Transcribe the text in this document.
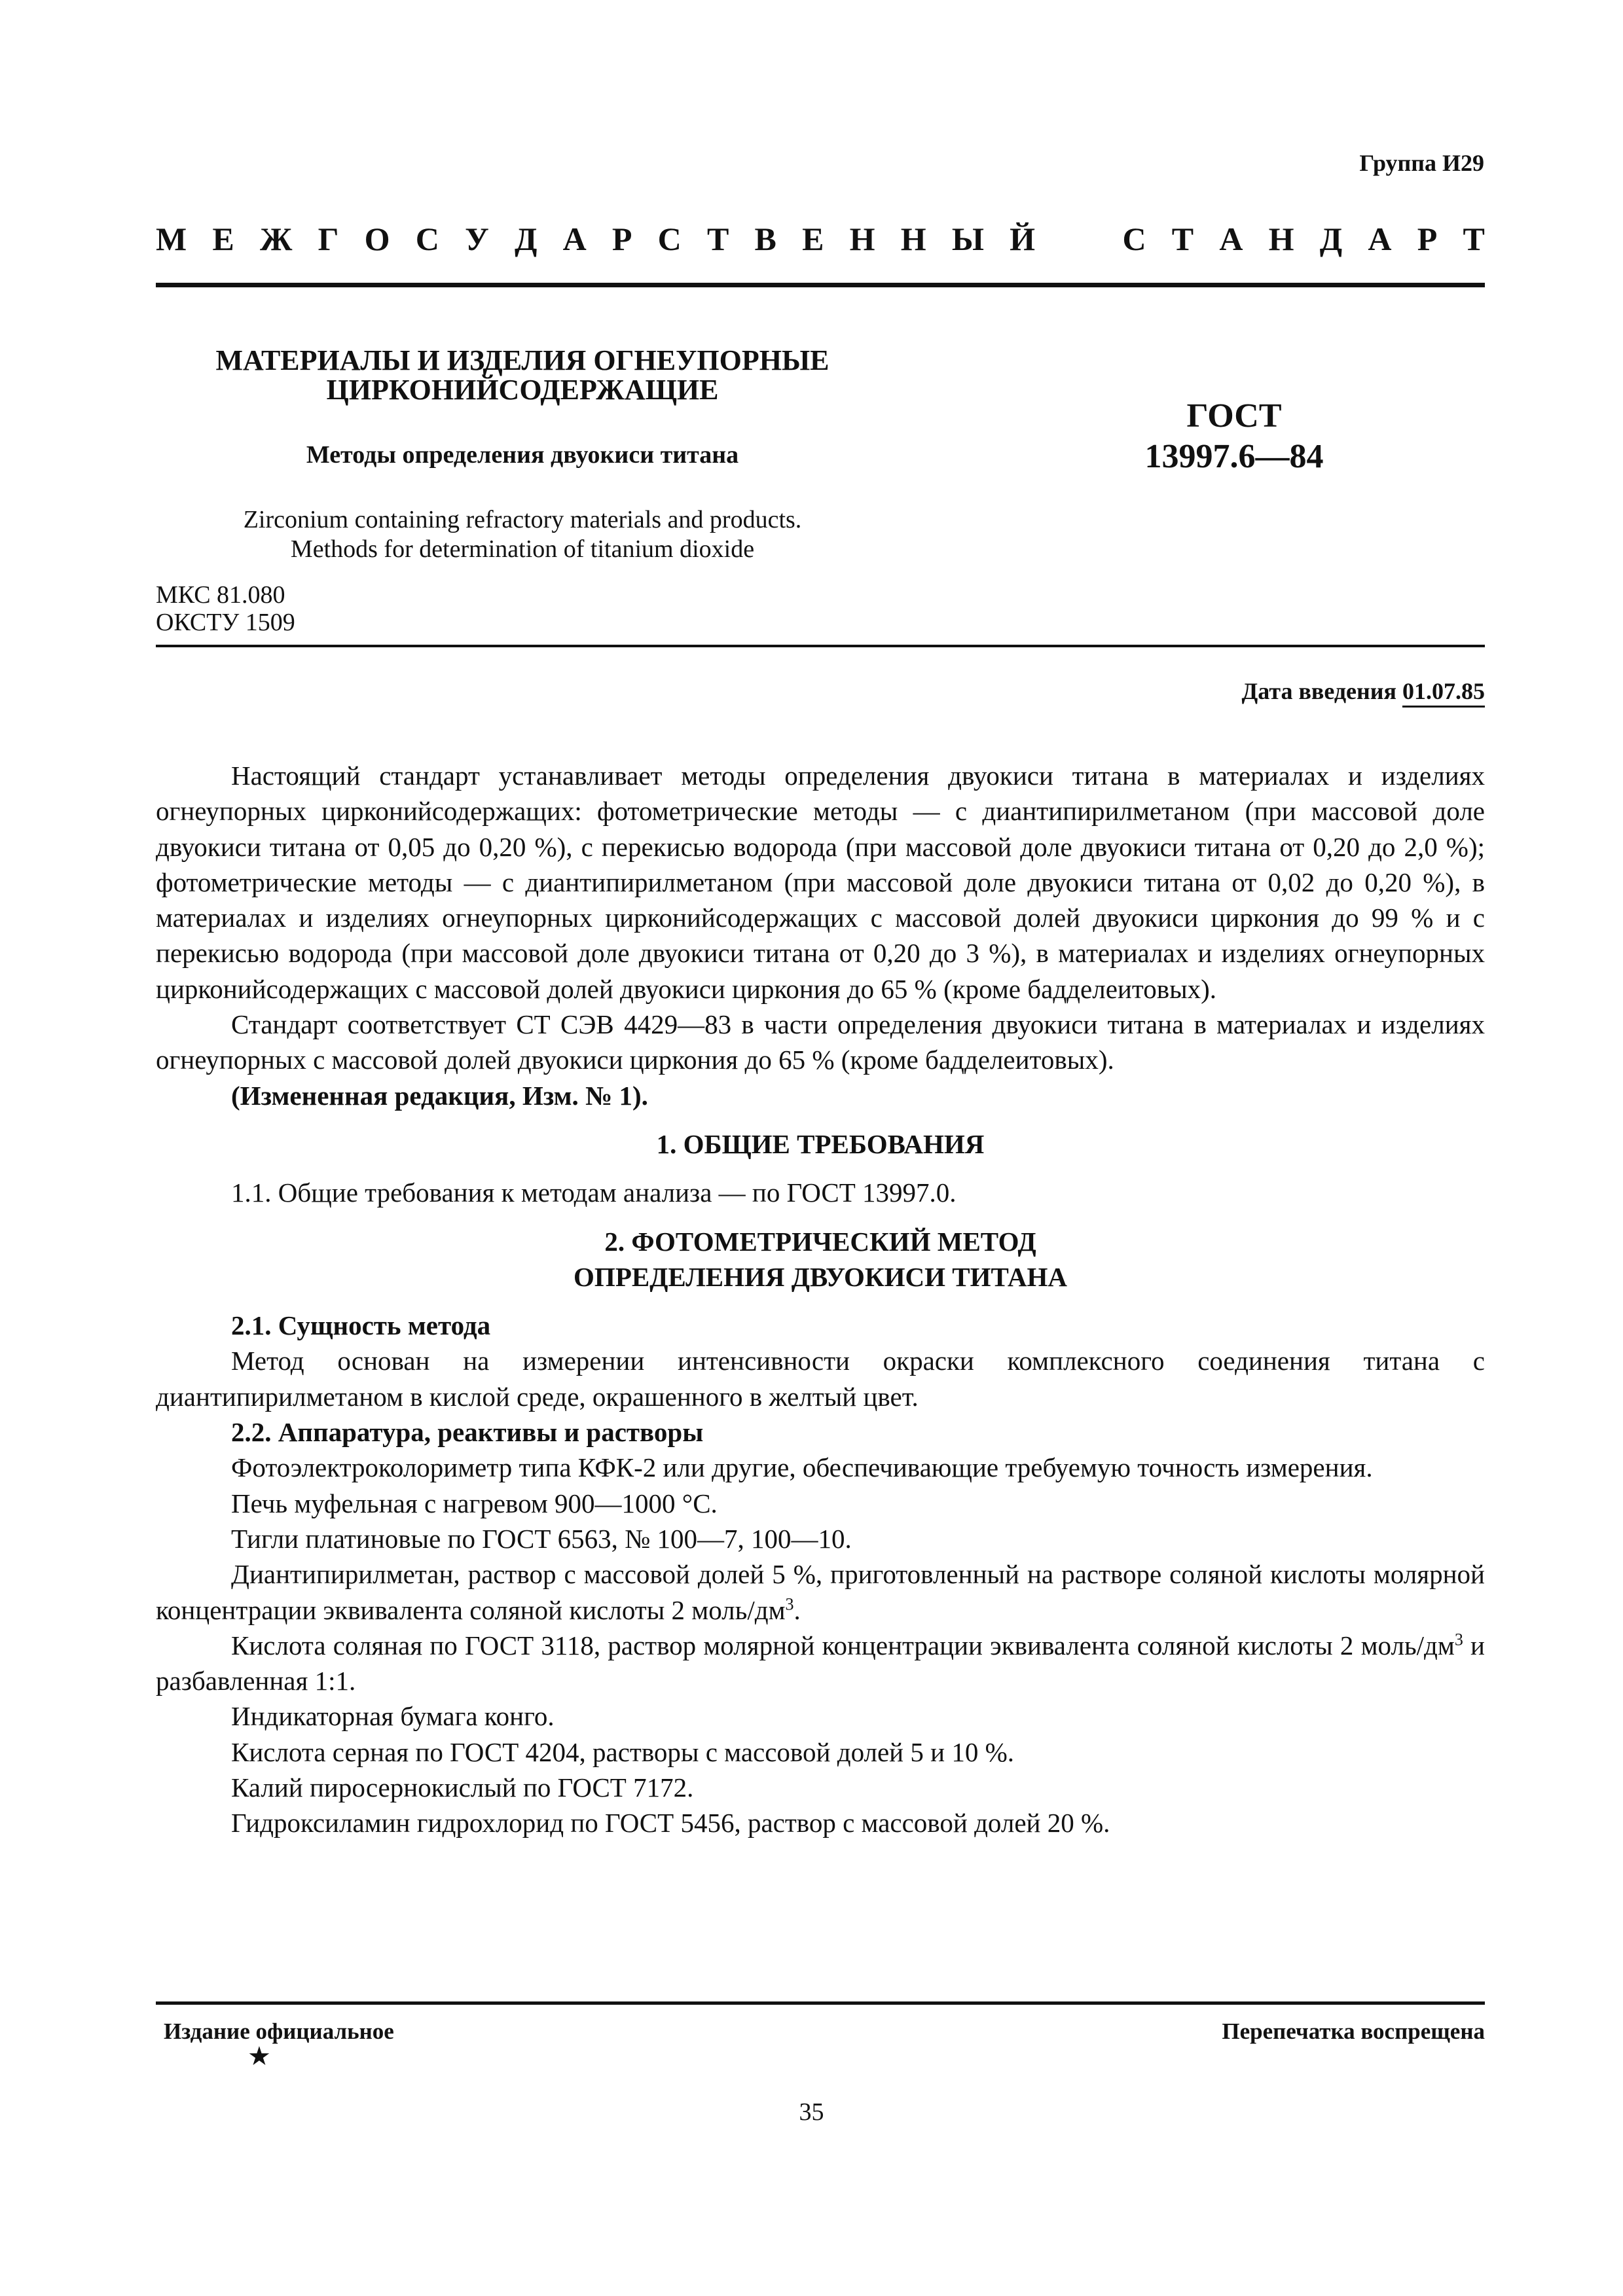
Группа И29
М Е Ж Г О С У Д А Р С Т В Е Н Н Ы Й	С Т А Н Д А Р Т
МАТЕРИАЛЫ И ИЗДЕЛИЯ ОГНЕУПОРНЫЕ
ЦИРКОНИЙСОДЕРЖАЩИЕ
Методы определения двуокиси титана
Zirconium containing refractory materials and products.
Methods for determination of titanium dioxide
ГОСТ
13997.6—84
МКС 81.080
ОКСТУ 1509
Дата введения 01.07.85

Настоящий стандарт устанавливает методы определения двуокиси титана в материалах и изделиях огнеупорных цирконийсодержащих: фотометрические методы — с диантипирилметаном (при массовой доле двуокиси титана от 0,05 до 0,20 %), с перекисью водорода (при массовой доле двуокиси титана от 0,20 до 2,0 %); фотометрические методы — с диантипирилметаном (при массовой доле двуокиси титана от 0,02 до 0,20 %), в материалах и изделиях огнеупорных цирконийсодержащих с массовой долей двуокиси циркония до 99 % и с перекисью водорода (при массовой доле двуокиси титана от 0,20 до 3 %), в материалах и изделиях огнеупорных цирконийсодержащих с массовой долей двуокиси циркония до 65 % (кроме бадделеитовых).

Стандарт соответствует СТ СЭВ 4429—83 в части определения двуокиси титана в материалах и изделиях огнеупорных с массовой долей двуокиси циркония до 65 % (кроме бадделеитовых).

(Измененная редакция, Изм. № 1).

1. ОБЩИЕ ТРЕБОВАНИЯ

1.1. Общие требования к методам анализа — по ГОСТ 13997.0.

2. ФОТОМЕТРИЧЕСКИЙ МЕТОД

ОПРЕДЕЛЕНИЯ ДВУОКИСИ ТИТАНА

2.1. Сущность метода

Метод основан на измерении интенсивности окраски комплексного соединения титана с диантипирилметаном в кислой среде, окрашенного в желтый цвет.

2.2. Аппаратура, реактивы и растворы

Фотоэлектроколориметр типа КФК-2 или другие, обеспечивающие требуемую точность измерения.

Печь муфельная с нагревом 900—1000 °С.

Тигли платиновые по ГОСТ 6563, № 100—7, 100—10.

Диантипирилметан, раствор с массовой долей 5 %, приготовленный на растворе соляной кислоты молярной концентрации эквивалента соляной кислоты 2 моль/$дм^3$.

Кислота соляная по ГОСТ 3118, раствор молярной концентрации эквивалента соляной кислоты 2 моль/$дм^3$ и разбавленная 1:1.

Индикаторная бумага конго.

Кислота серная по ГОСТ 4204, растворы с массовой долей 5 и 10 %.

Калий пиросернокислый по ГОСТ 7172.

Гидроксиламин гидрохлорид по ГОСТ 5456, раствор с массовой долей 20 %.

Издание официальное
★
Перепечатка воспрещена
35
